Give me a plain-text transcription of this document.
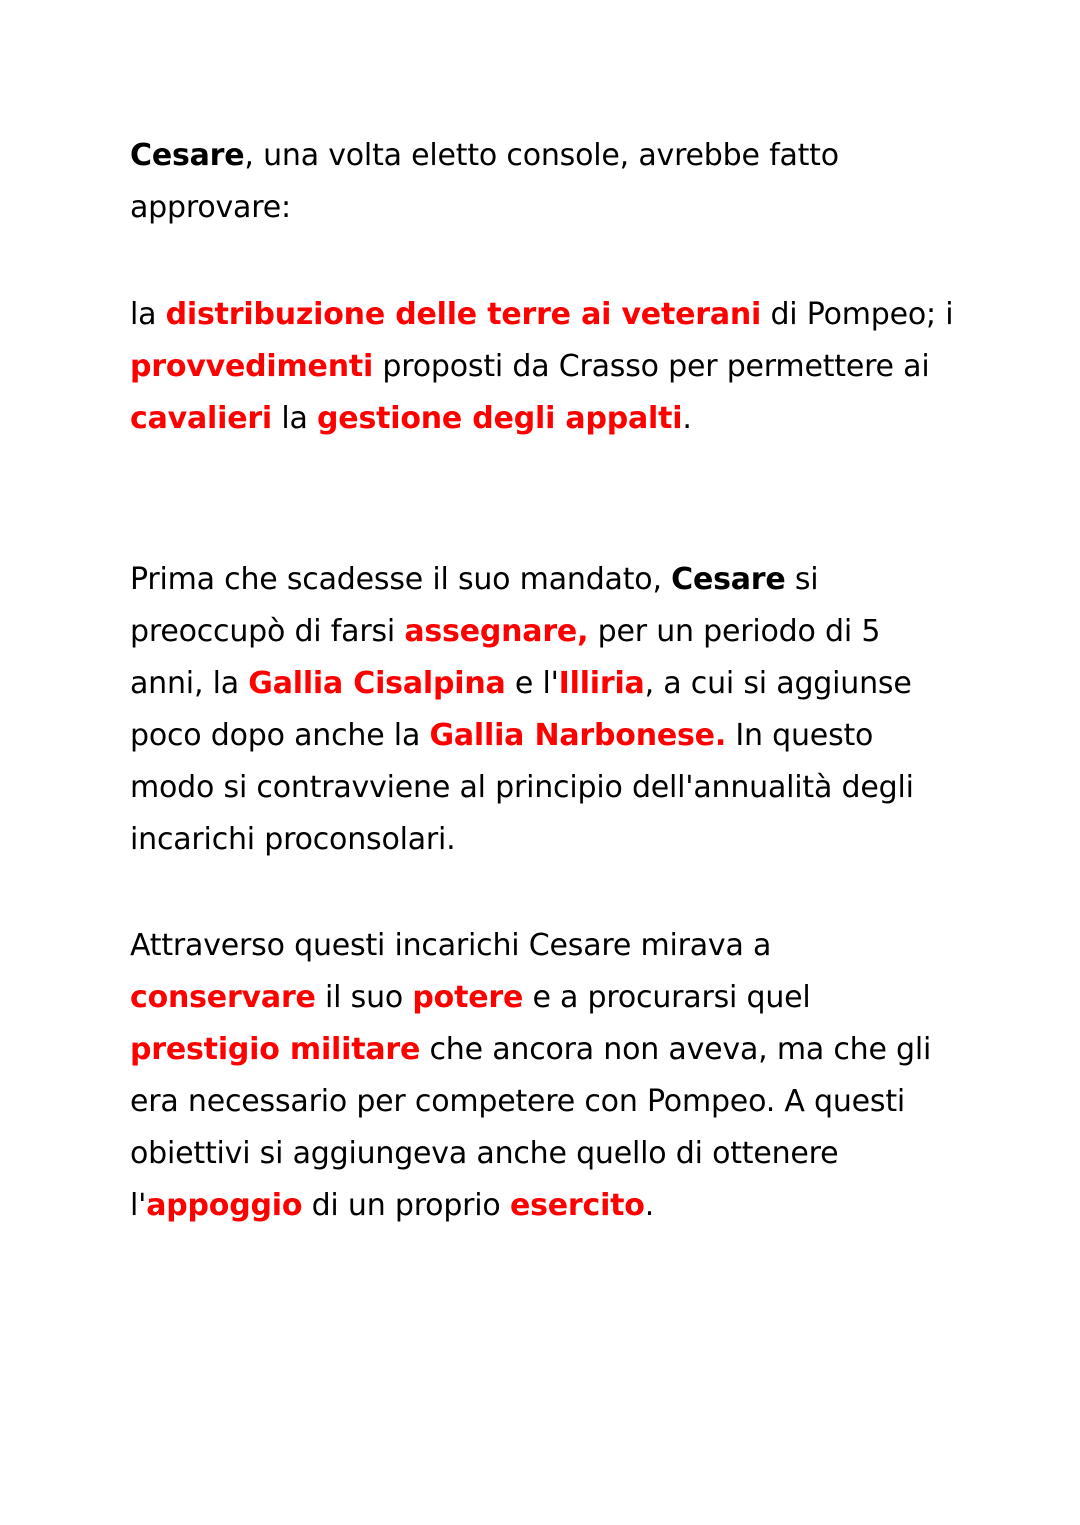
Cesare, una volta eletto console, avrebbe fatto approvare:

la distribuzione delle terre ai veterani di Pompeo; i provvedimenti proposti da Crasso per permettere ai cavalieri la gestione degli appalti.

Prima che scadesse il suo mandato, Cesare si preoccupò di farsi assegnare, per un periodo di 5 anni, la Gallia Cisalpina e l'Illiria, a cui si aggiunse poco dopo anche la Gallia Narbonese. In questo modo si contravviene al principio dell'annualità degli incarichi proconsolari.

Attraverso questi incarichi Cesare mirava a conservare il suo potere e a procurarsi quel prestigio militare che ancora non aveva, ma che gli era necessario per competere con Pompeo. A questi obiettivi si aggiungeva anche quello di ottenere l'appoggio di un proprio esercito.
